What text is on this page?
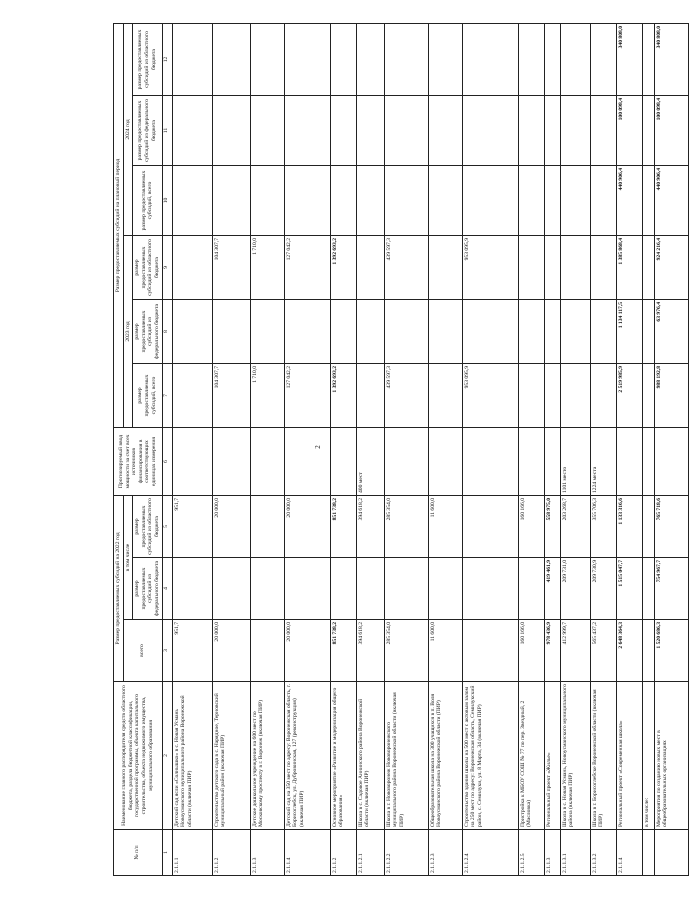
2
№ п/п	Наименование главного распорядителя средств областного бюджета, раздела бюджетной классификации, государственной программы, объекта капитального строительства, объекта недвижимого имущества, муниципального образования	Размер предоставляемых субсидий на 2022 год			Прогнозируемый ввод мощности за счет всех источников финансирования в соответствующих единицах измерения	Размер предоставляемых субсидий на плановый период					
		всего	в том числе			2023 год			2024 год		
			размер предоставляемых субсидий из федерального бюджета	размер предоставляемых субсидий из областного бюджета		размер предоставляемых субсидий, всего	размер предоставляемых субсидий из федерального бюджета	размер предоставляемых субсидий из областного бюджета	размер предоставляемых субсидий, всего	размер предоставляемых субсидий из федерального бюджета	размер предоставляемых субсидий из областного бюджета

1	2	3	4	5	6	7	8	9	10	11	12
2.1.1.1	Детский сад ясли «Солнышко» в с. Новая Усмань Новоусманского муниципального района Воронежской области (включая ПИР)	951,7		951,7							
2.1.1.2	Строительство детского сада в с. Нарядное, Терновский муниципальный район (включая ПИР)	20 000,0		20 000,0		104 307,7		104 307,7			
2.1.1.3	Детское дошкольное учреждение на 600 мест по Московскому проспекту в г. Воронеж (включая ПИР)					1 710,0		1 710,0			
2.1.1.4	Детский сад на 350 мест по адресу: Воронежская область, г. Борисоглебск, ул. Дубровинская, 127 (реконструкция) (включая ПИР)	20 000,0		20 000,0		127 042,2		127 042,2			
2.1.1.2	Основное мероприятие «Развитие и модернизация общего образования»	851 738,2		851 738,2		1 392 693,2		1 392 693,2			
2.1.1.2.1	Школа в с. Садовое Аннинского района Воронежской области (включая ПИР)	394 618,2		394 618,2	400 мест						
2.1.1.2.2	Школа в г. Нововоронеж Нововоронежского муниципального района Воронежской области (включая ПИР)	285 354,0		285 354,0		439 597,3		439 597,3			
2.1.1.2.3	Общеобразовательная школа на 300 учащихся в п. Воля Новоусманского района Воронежской области (ПИР)	11 600,0		11 600,0							
2.1.1.2.4	Строительство здания школы на 500 мест с актовым залом на 250 мест по адресу: Воронежская область, Семилукский район, с. Семилуки, ул. 8 Марта, 34 (включая ПИР)					953 095,9		953 095,9			
2.1.1.2.5	Пристройка к МБОУ СОШ № 77 по пер. Звездный, 2 (Масловка)	160 166,0		160 166,0							
2.1.1.3	Региональный проект «Жилье»	978 436,9	419 461,9	558 975,0							
2.1.1.3.1	Школа в с. Новая Усмань, Новоусманского муниципального района (включая ПИР)	412 999,7	209 731,0	203 268,7	1101 место						
2.1.1.3.2	Школа в г. Борисоглебске Воронежской области (включая ПИР)	565 437,2	209 730,9	355 706,3	1224 места						
2.1.1.4	Региональный проект «Современная школа»	2 648 364,3	1 515 047,7	1 133 316,6		2 519 985,9	1 134 117,5	1 385 868,4	440 906,4	100 098,4	340 808,0
	в том числе:										
	Мероприятия по созданию новых мест в общеобразовательных организациях	1 520 686,3	754 967,7	765 718,6		988 192,8	63 976,4	924 216,4	440 906,4	100 098,4	340 808,0
